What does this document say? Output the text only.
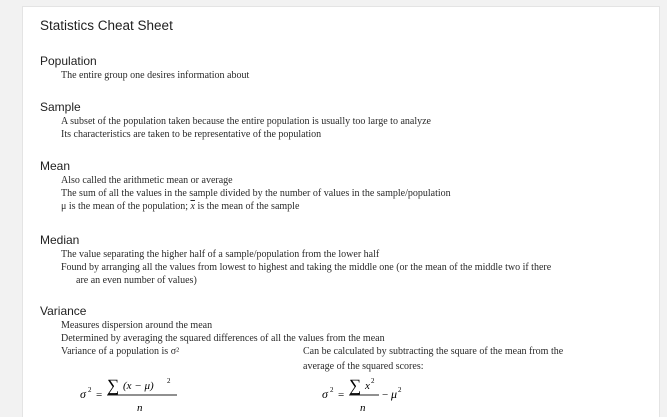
Statistics Cheat Sheet
Population
The entire group one desires information about
Sample
A subset of the population taken because the entire population is usually too large to analyze
Its characteristics are taken to be representative of the population
Mean
Also called the arithmetic mean or average
The sum of all the values in the sample divided by the number of values in the sample/population
μ is the mean of the population; $\overline{x}$ is the mean of the sample
Median
The value separating the higher half of a sample/population from the lower half
Found by arranging all the values from lowest to highest and taking the middle one (or the mean of the middle two if there
are an even number of values)
Variance
Measures dispersion around the mean
Determined by averaging the squared differences of all the values from the mean
Variance of a population is σ²	Can be calculated by subtracting the square of the mean from the
average of the squared scores:
σ 2 = ∑ (x − μ) 2
n
σ 2 = ∑ x 2
n
− μ 2
